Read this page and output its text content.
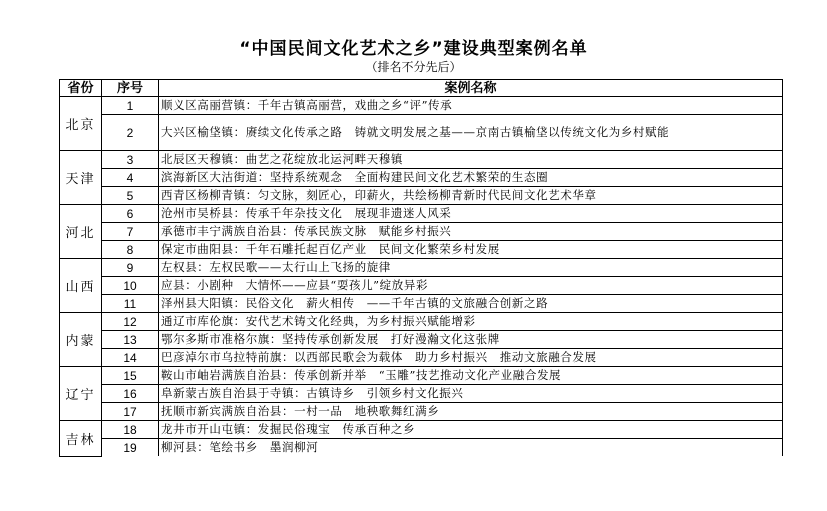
“中国民间文化艺术之乡”建设典型案例名单
（排名不分先后）
省份	序号	案例名称
北京	1	顺义区高丽营镇：千年古镇高丽营，戏曲之乡“评”传承
	2	大兴区榆垡镇：赓续文化传承之路　铸就文明发展之基——京南古镇榆垡以传统文化为乡村赋能
天津	3	北辰区天穆镇：曲艺之花绽放北运河畔天穆镇
	4	滨海新区大沽街道：坚持系统观念　全面构建民间文化艺术繁荣的生态圈
	5	西青区杨柳青镇：匀文脉，刻匠心，印薪火，共绘杨柳青新时代民间文化艺术华章
河北	6	沧州市吴桥县：传承千年杂技文化　展现非遗迷人风采
	7	承德市丰宁满族自治县：传承民族文脉　赋能乡村振兴
	8	保定市曲阳县：千年石雕托起百亿产业　民间文化繁荣乡村发展
山西	9	左权县：左权民歌——太行山上飞扬的旋律
	10	应县：小剧种　大情怀——应县“耍孩儿”绽放异彩
	11	泽州县大阳镇：民俗文化　薪火相传　——千年古镇的文旅融合创新之路
内蒙	12	通辽市库伦旗：安代艺术铸文化经典，为乡村振兴赋能增彩
	13	鄂尔多斯市准格尔旗：坚持传承创新发展　打好漫瀚文化这张牌
	14	巴彦淖尔市乌拉特前旗：以西部民歌会为载体　助力乡村振兴　推动文旅融合发展
辽宁	15	鞍山市岫岩满族自治县：传承创新并举　“玉雕”技艺推动文化产业融合发展
	16	阜新蒙古族自治县于寺镇：古镇诗乡　引领乡村文化振兴
	17	抚顺市新宾满族自治县：一村一品　地秧歌舞红满乡
吉林	18	龙井市开山屯镇：发掘民俗瑰宝　传承百种之乡
	19	柳河县：笔绘书乡　墨润柳河
